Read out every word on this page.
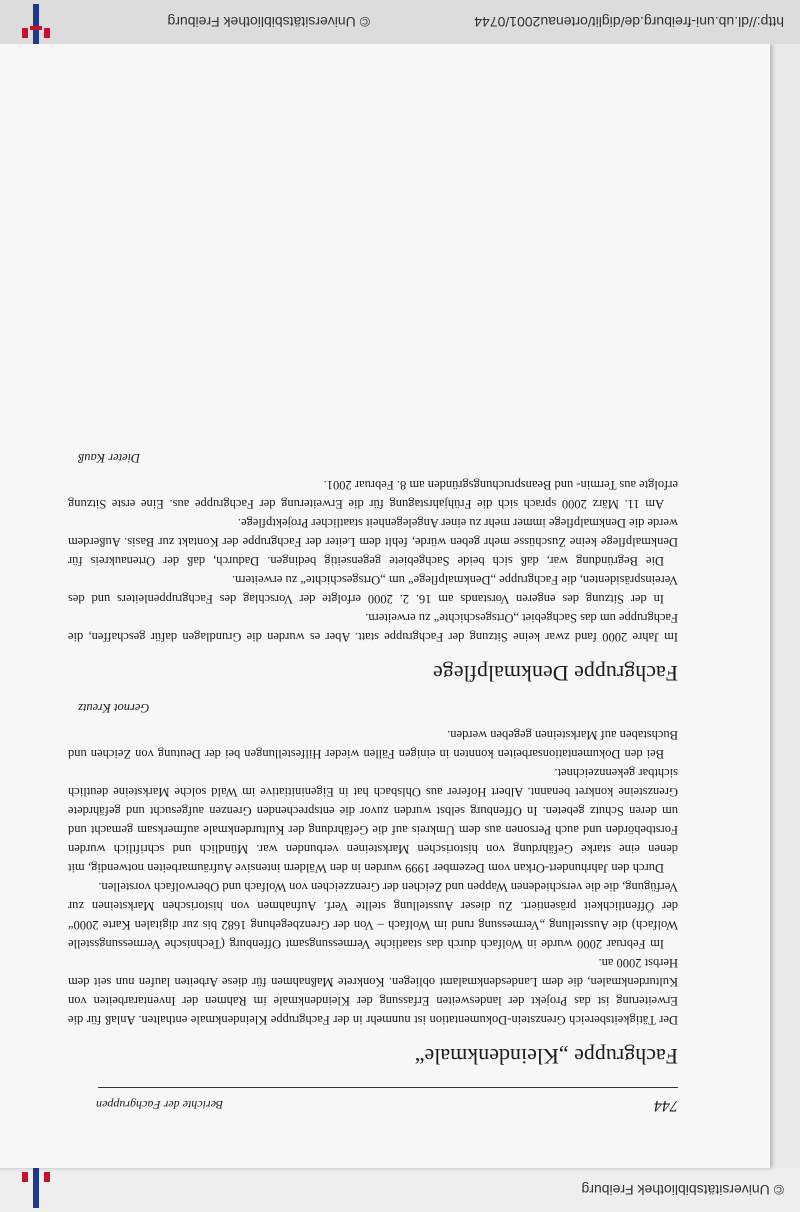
© Universitätsbibliothek Freiburg
744
Berichte der Fachgruppen
Fachgruppe „Kleindenkmale“

Der Tätigkeitsbereich Grenzstein-Dokumentation ist nunmehr in der Fachgruppe Kleindenkmale enthalten. Anlaß für die Erweiterung ist das Projekt der landesweiten Erfassung der Kleindenkmale im Rahmen der Inventararbeiten von Kulturdenkmalen, die dem Landesdenkmalamt obliegen. Konkrete Maßnahmen für diese Arbeiten laufen nun seit dem Herbst 2000 an.

Im Februar 2000 wurde in Wolfach durch das staatliche Vermessungsamt Offenburg (Technische Vermessungsstelle Wolfach) die Ausstellung „Vermessung rund im Wolfach – Von der Grenzbegehung 1682 bis zur digitalen Karte 2000“ der Öffentlichkeit präsentiert. Zu dieser Ausstellung stellte Verf. Aufnahmen von historischen Marksteinen zur Verfügung, die die verschiedenen Wappen und Zeichen der Grenzzeichen von Wolfach und Oberwolfach vorstellen.

Durch den Jahrhundert-Orkan vom Dezember 1999 wurden in den Wäldern intensive Aufräumarbeiten notwendig, mit denen eine starke Gefährdung von historischen Marksteinen verbunden war. Mündlich und schriftlich wurden Forstbehörden und auch Personen aus dem Umkreis auf die Gefährdung der Kulturdenkmale aufmerksam gemacht und um deren Schutz gebeten. In Offenburg selbst wurden zuvor die entsprechenden Grenzen aufgesucht und gefährdete Grenzsteine konkret benannt. Albert Hoferer aus Ohlsbach hat in Eigeninitiative im Wald solche Marksteine deutlich sichtbar gekennzeichnet.

Bei den Dokumentationsarbeiten konnten in einigen Fällen wieder Hilfestellungen bei der Deutung von Zeichen und Buchstaben auf Marksteinen gegeben werden.

Gernot Kreutz
Fachgruppe Denkmalpflege

Im Jahre 2000 fand zwar keine Sitzung der Fachgruppe statt. Aber es wurden die Grundlagen dafür geschaffen, die Fachgruppe um das Sachgebiet „Ortsgeschichte“ zu erweitern.

In der Sitzung des engeren Vorstands am 16. 2. 2000 erfolgte der Vorschlag des Fachgruppenleiters und des Vereinspräsidenten, die Fachgruppe „Denkmalpflege“ um „Ortsgeschichte“ zu erweitern.

Die Begründung war, daß sich beide Sachgebiete gegenseitig bedingen. Dadurch, daß der Ortenaukreis für Denkmalpflege keine Zuschüsse mehr geben würde, fehlt dem Leiter der Fachgruppe der Kontakt zur Basis. Außerdem werde die Denkmalpflege immer mehr zu einer Angelegenheit staatlicher Projektpflege.

Am 11. März 2000 sprach sich die Frühjahrstagung für die Erweiterung der Fachgruppe aus. Eine erste Sitzung erfolgte aus Termin- und Beanspruchungsgründen am 8. Februar 2001.

Dieter Kauß
http://dl.ub.uni-freiburg.de/diglit/ortenau2001/0744
© Universitätsbibliothek Freiburg
